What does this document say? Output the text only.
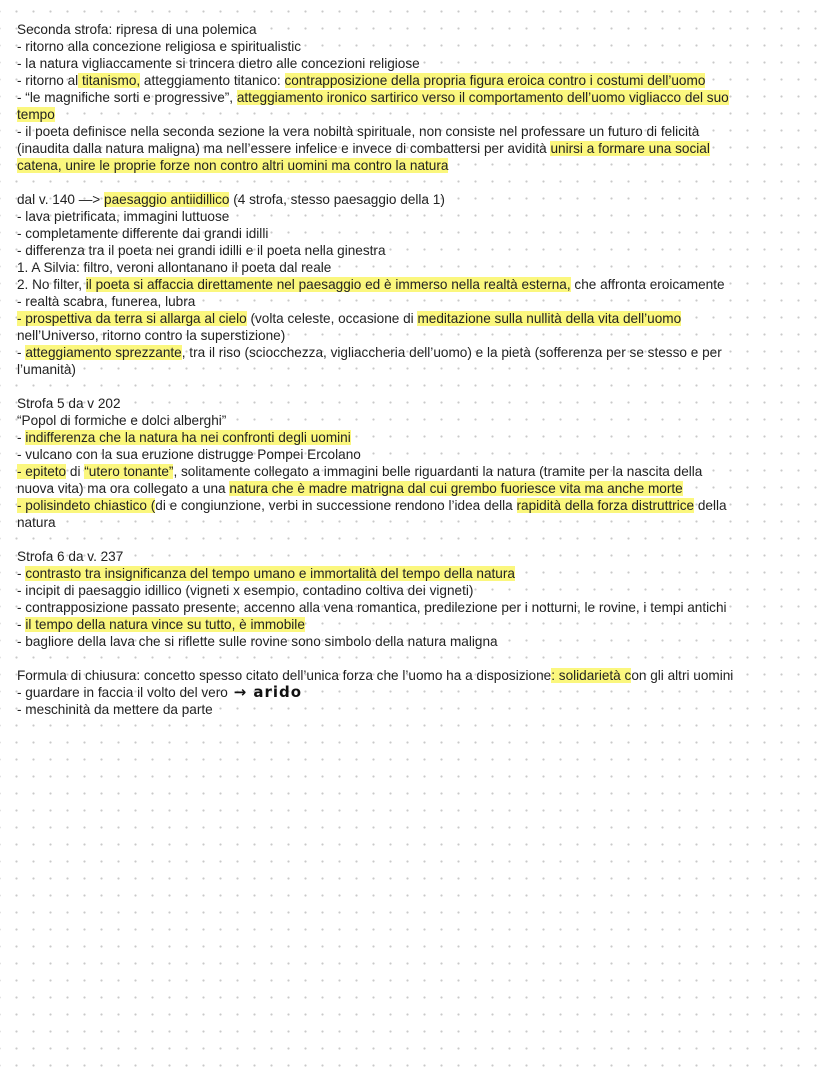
Seconda strofa: ripresa di una polemica
- ritorno alla concezione religiosa e spiritualistic
- la natura vigliaccamente si trincera dietro alle concezioni religiose
- ritorno al titanismo, atteggiamento titanico: contrapposizione della propria figura eroica contro i costumi dell’uomo
- “le magnifiche sorti e progressive”, atteggiamento ironico sartirico verso il comportamento dell’uomo vigliacco del suo
tempo
- il poeta definisce nella seconda sezione la vera nobiltà spirituale, non consiste nel professare un futuro di felicità
(inaudita dalla natura maligna) ma nell’essere infelice e invece di combattersi per avidità unirsi a formare una social
catena, unire le proprie forze non contro altri uomini ma contro la natura
dal v. 140 —> paesaggio antiidillico (4 strofa, stesso paesaggio della 1)
- lava pietrificata, immagini luttuose
- completamente differente dai grandi idilli
- differenza tra il poeta nei grandi idilli e il poeta nella ginestra
1. A Silvia: filtro, veroni allontanano il poeta dal reale
2. No filter, il poeta si affaccia direttamente nel paesaggio ed è immerso nella realtà esterna, che affronta eroicamente
- realtà scabra, funerea, lubra
- prospettiva da terra si allarga al cielo (volta celeste, occasione di meditazione sulla nullità della vita dell’uomo
nell’Universo, ritorno contro la superstizione)
- atteggiamento sprezzante, tra il riso (sciocchezza, vigliaccheria dell’uomo) e la pietà (sofferenza per se stesso e per
l’umanità)
Strofa 5 da v 202
“Popol di formiche e dolci alberghi”
- indifferenza che la natura ha nei confronti degli uomini
- vulcano con la sua eruzione distrugge Pompei Ercolano
- epiteto di “utero tonante”, solitamente collegato a immagini belle riguardanti la natura (tramite per la nascita della
nuova vita) ma ora collegato a una natura che è madre matrigna dal cui grembo fuoriesce vita ma anche morte
- polisindeto chiastico (di e congiunzione, verbi in successione rendono l’idea della rapidità della forza distruttrice della
natura
Strofa 6 da v. 237
- contrasto tra insignificanza del tempo umano e immortalità del tempo della natura
- incipit di paesaggio idillico (vigneti x esempio, contadino coltiva dei vigneti)
- contrapposizione passato presente, accenno alla vena romantica, predilezione per i notturni, le rovine, i tempi antichi
- il tempo della natura vince su tutto, è immobile
- bagliore della lava che si riflette sulle rovine sono simbolo della natura maligna
Formula di chiusura: concetto spesso citato dell’unica forza che l’uomo ha a disposizione: solidarietà con gli altri uomini
- guardare in faccia il volto del vero → arido
- meschinità da mettere da parte
